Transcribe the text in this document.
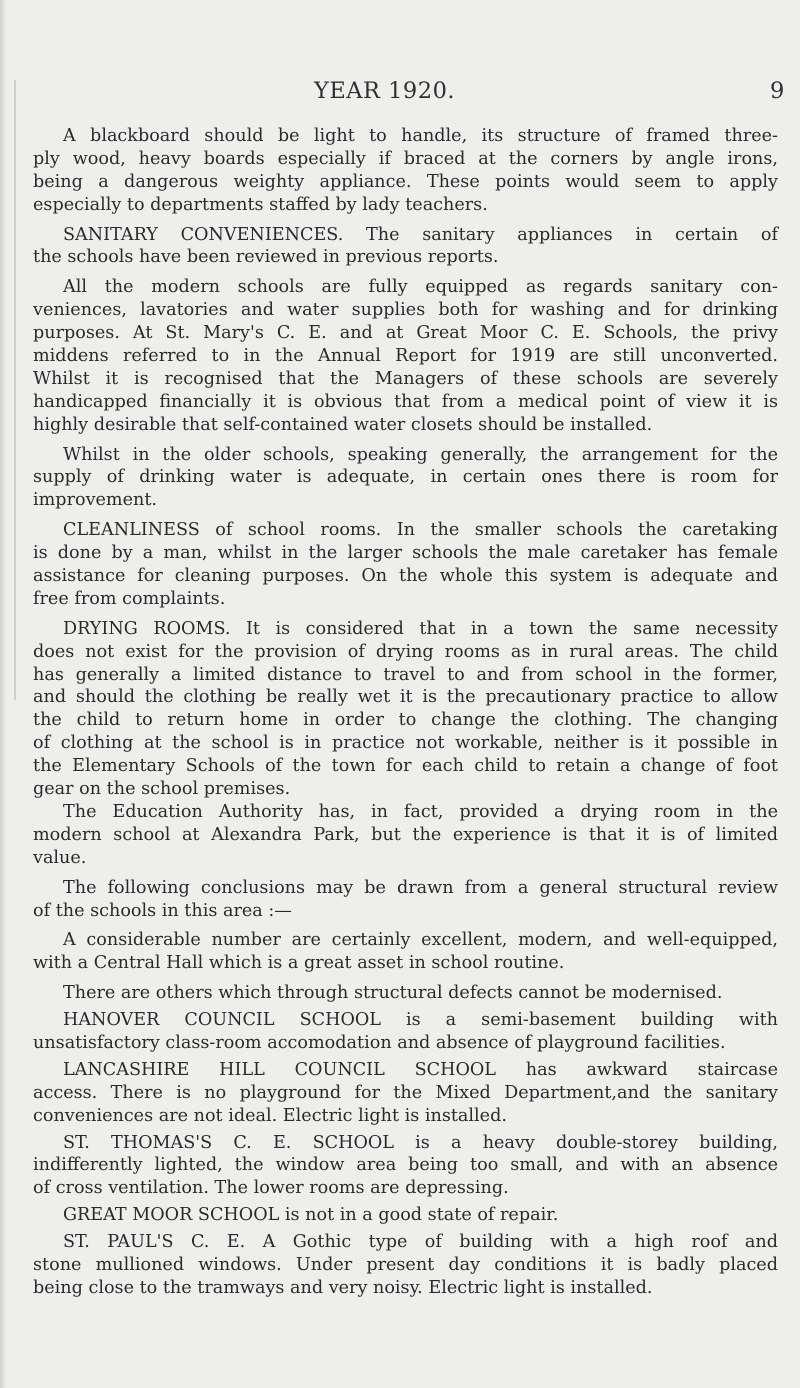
YEAR 1920.	9
A blackboard should be light to handle, its structure of framed three-
ply wood, heavy boards especially if braced at the corners by angle irons,
being a dangerous weighty appliance. These points would seem to apply
especially to departments staffed by lady teachers.
SANITARY CONVENIENCES. The sanitary appliances in certain of
the schools have been reviewed in previous reports.
All the modern schools are fully equipped as regards sanitary con-
veniences, lavatories and water supplies both for washing and for drinking
purposes. At St. Mary's C. E. and at Great Moor C. E. Schools, the privy
middens referred to in the Annual Report for 1919 are still unconverted.
Whilst it is recognised that the Managers of these schools are severely
handicapped financially it is obvious that from a medical point of view it is
highly desirable that self-contained water closets should be installed.
Whilst in the older schools, speaking generally, the arrangement for the
supply of drinking water is adequate, in certain ones there is room for
improvement.
CLEANLINESS of school rooms. In the smaller schools the caretaking
is done by a man, whilst in the larger schools the male caretaker has female
assistance for cleaning purposes. On the whole this system is adequate and
free from complaints.
DRYING ROOMS. It is considered that in a town the same necessity
does not exist for the provision of drying rooms as in rural areas. The child
has generally a limited distance to travel to and from school in the former,
and should the clothing be really wet it is the precautionary practice to allow
the child to return home in order to change the clothing. The changing
of clothing at the school is in practice not workable, neither is it possible in
the Elementary Schools of the town for each child to retain a change of foot
gear on the school premises.
The Education Authority has, in fact, provided a drying room in the
modern school at Alexandra Park, but the experience is that it is of limited
value.
The following conclusions may be drawn from a general structural review
of the schools in this area :—
A considerable number are certainly excellent, modern, and well-equipped,
with a Central Hall which is a great asset in school routine.
There are others which through structural defects cannot be modernised.
HANOVER COUNCIL SCHOOL is a semi-basement building with
unsatisfactory class-room accomodation and absence of playground facilities.
LANCASHIRE HILL COUNCIL SCHOOL has awkward staircase
access. There is no playground for the Mixed Department,and the sanitary
conveniences are not ideal. Electric light is installed.
ST. THOMAS'S C. E. SCHOOL is a heavy double-storey building,
indifferently lighted, the window area being too small, and with an absence
of cross ventilation. The lower rooms are depressing.
GREAT MOOR SCHOOL is not in a good state of repair.
ST. PAUL'S C. E. A Gothic type of building with a high roof and
stone mullioned windows. Under present day conditions it is badly placed
being close to the tramways and very noisy. Electric light is installed.
